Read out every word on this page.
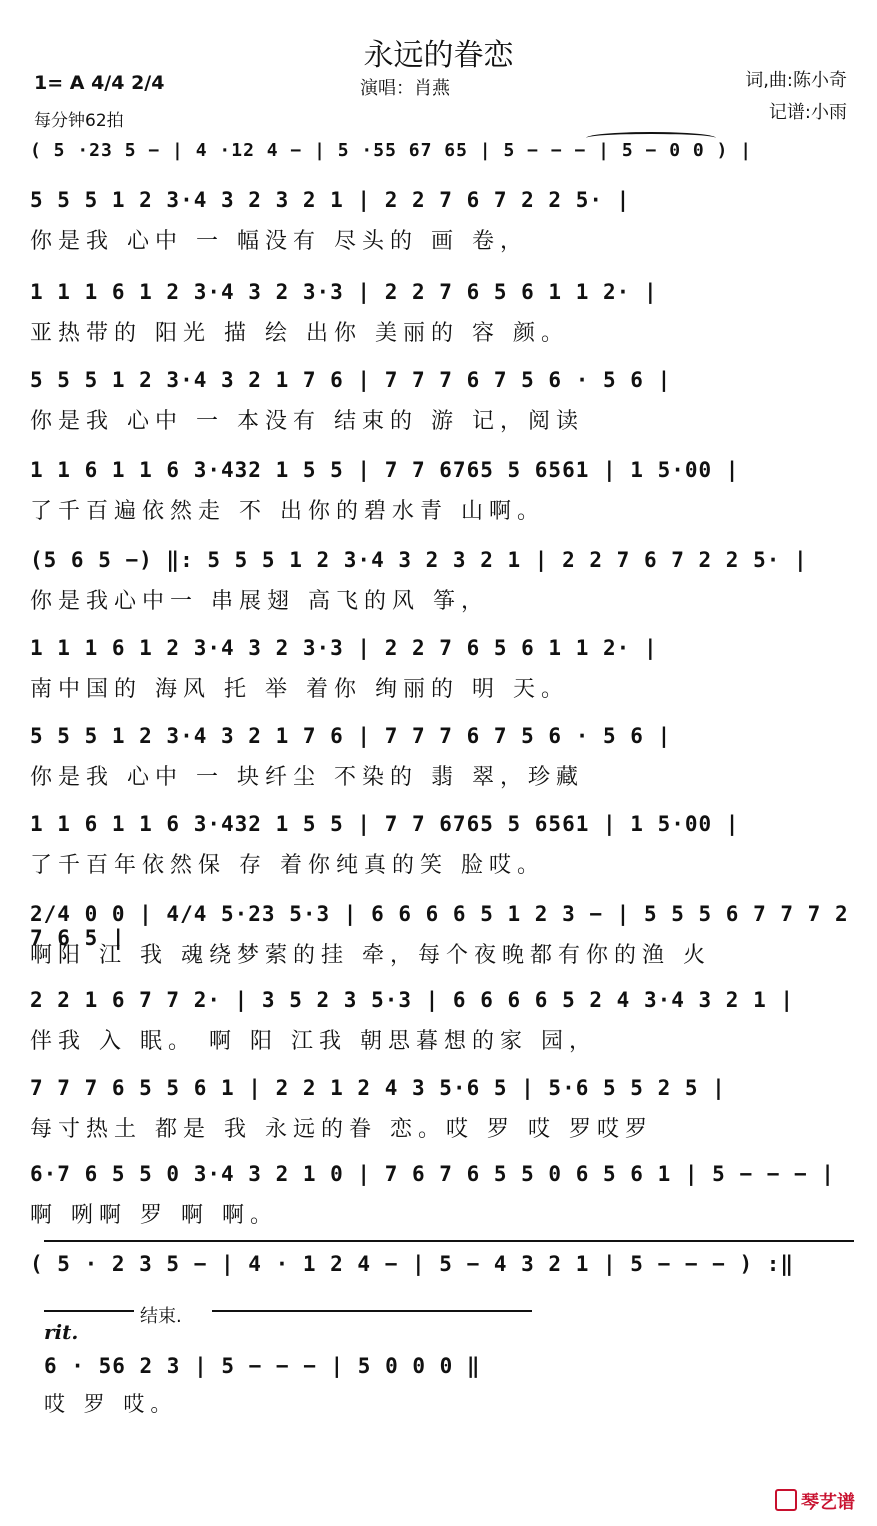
永远的眷恋
1= A 4/4 2/4
每分钟62拍
演唱：肖燕	词,曲:陈小奇
记谱:小雨
( 5 ·23 5 − | 4 ·12 4 − | 5 ·55 67 65 | 5 − − − | 5 − 0 0 ) |
5 5 5 1 2 3·4 3 2 3 2 1 | 2 2 7 6 7 2 2 5· |
你是我 心中 一 幅没有 尽头的 画 卷，
1 1 1 6 1 2 3·4 3 2 3·3 | 2 2 7 6 5 6 1 1 2· |
亚热带的 阳光 描 绘 出你 美丽的 容 颜。
5 5 5 1 2 3·4 3 2 1 7 6 | 7 7 7 6 7 5 6 · 5 6 |
你是我 心中 一 本没有 结束的 游 记，阅读
1 1 6 1 1 6 3·432 1 5 5 | 7 7 6765 5 6561 | 1 5·00 |
了千百遍依然走 不 出你的碧水青 山啊。
(5 6 5 −) ‖: 5 5 5 1 2 3·4 3 2 3 2 1 | 2 2 7 6 7 2 2 5· |
你是我心中一 串展翅 高飞的风 筝，
1 1 1 6 1 2 3·4 3 2 3·3 | 2 2 7 6 5 6 1 1 2· |
南中国的 海风 托 举 着你 绚丽的 明 天。
5 5 5 1 2 3·4 3 2 1 7 6 | 7 7 7 6 7 5 6 · 5 6 |
你是我 心中 一 块纤尘 不染的 翡 翠，珍藏
1 1 6 1 1 6 3·432 1 5 5 | 7 7 6765 5 6561 | 1 5·00 |
了千百年依然保 存 着你纯真的笑 脸哎。
2/4 0 0 | 4/4 5·23 5·3 | 6 6 6 6 5 1 2 3 − | 5 5 5 6 7 7 7 2 7 6 5 |
啊阳 江 我 魂绕梦萦的挂 牵，每个夜晚都有你的渔 火
2 2 1 6 7 7 2· | 3 5 2 3 5·3 | 6 6 6 6 5 2 4 3·4 3 2 1 |
伴我 入 眠。 啊 阳 江我 朝思暮想的家 园，
7 7 7 6 5 5 6 1 | 2 2 1 2 4 3 5·6 5 | 5·6 5 5 2 5 |
每寸热土 都是 我 永远的眷 恋。哎 罗 哎 罗哎罗
6·7 6 5 5 0 3·4 3 2 1 0 | 7 6 7 6 5 5 0 6 5 6 1 | 5 − − − |
啊 咧啊 罗 啊 啊。
( 5 · 2 3 5 − | 4 · 1 2 4 − | 5 − 4 3 2 1 | 5 − − − ) :‖
结束.
rit.
6 · 56 2 3 | 5 − − − | 5 0 0 0 ‖
哎 罗 哎。
琴艺谱
